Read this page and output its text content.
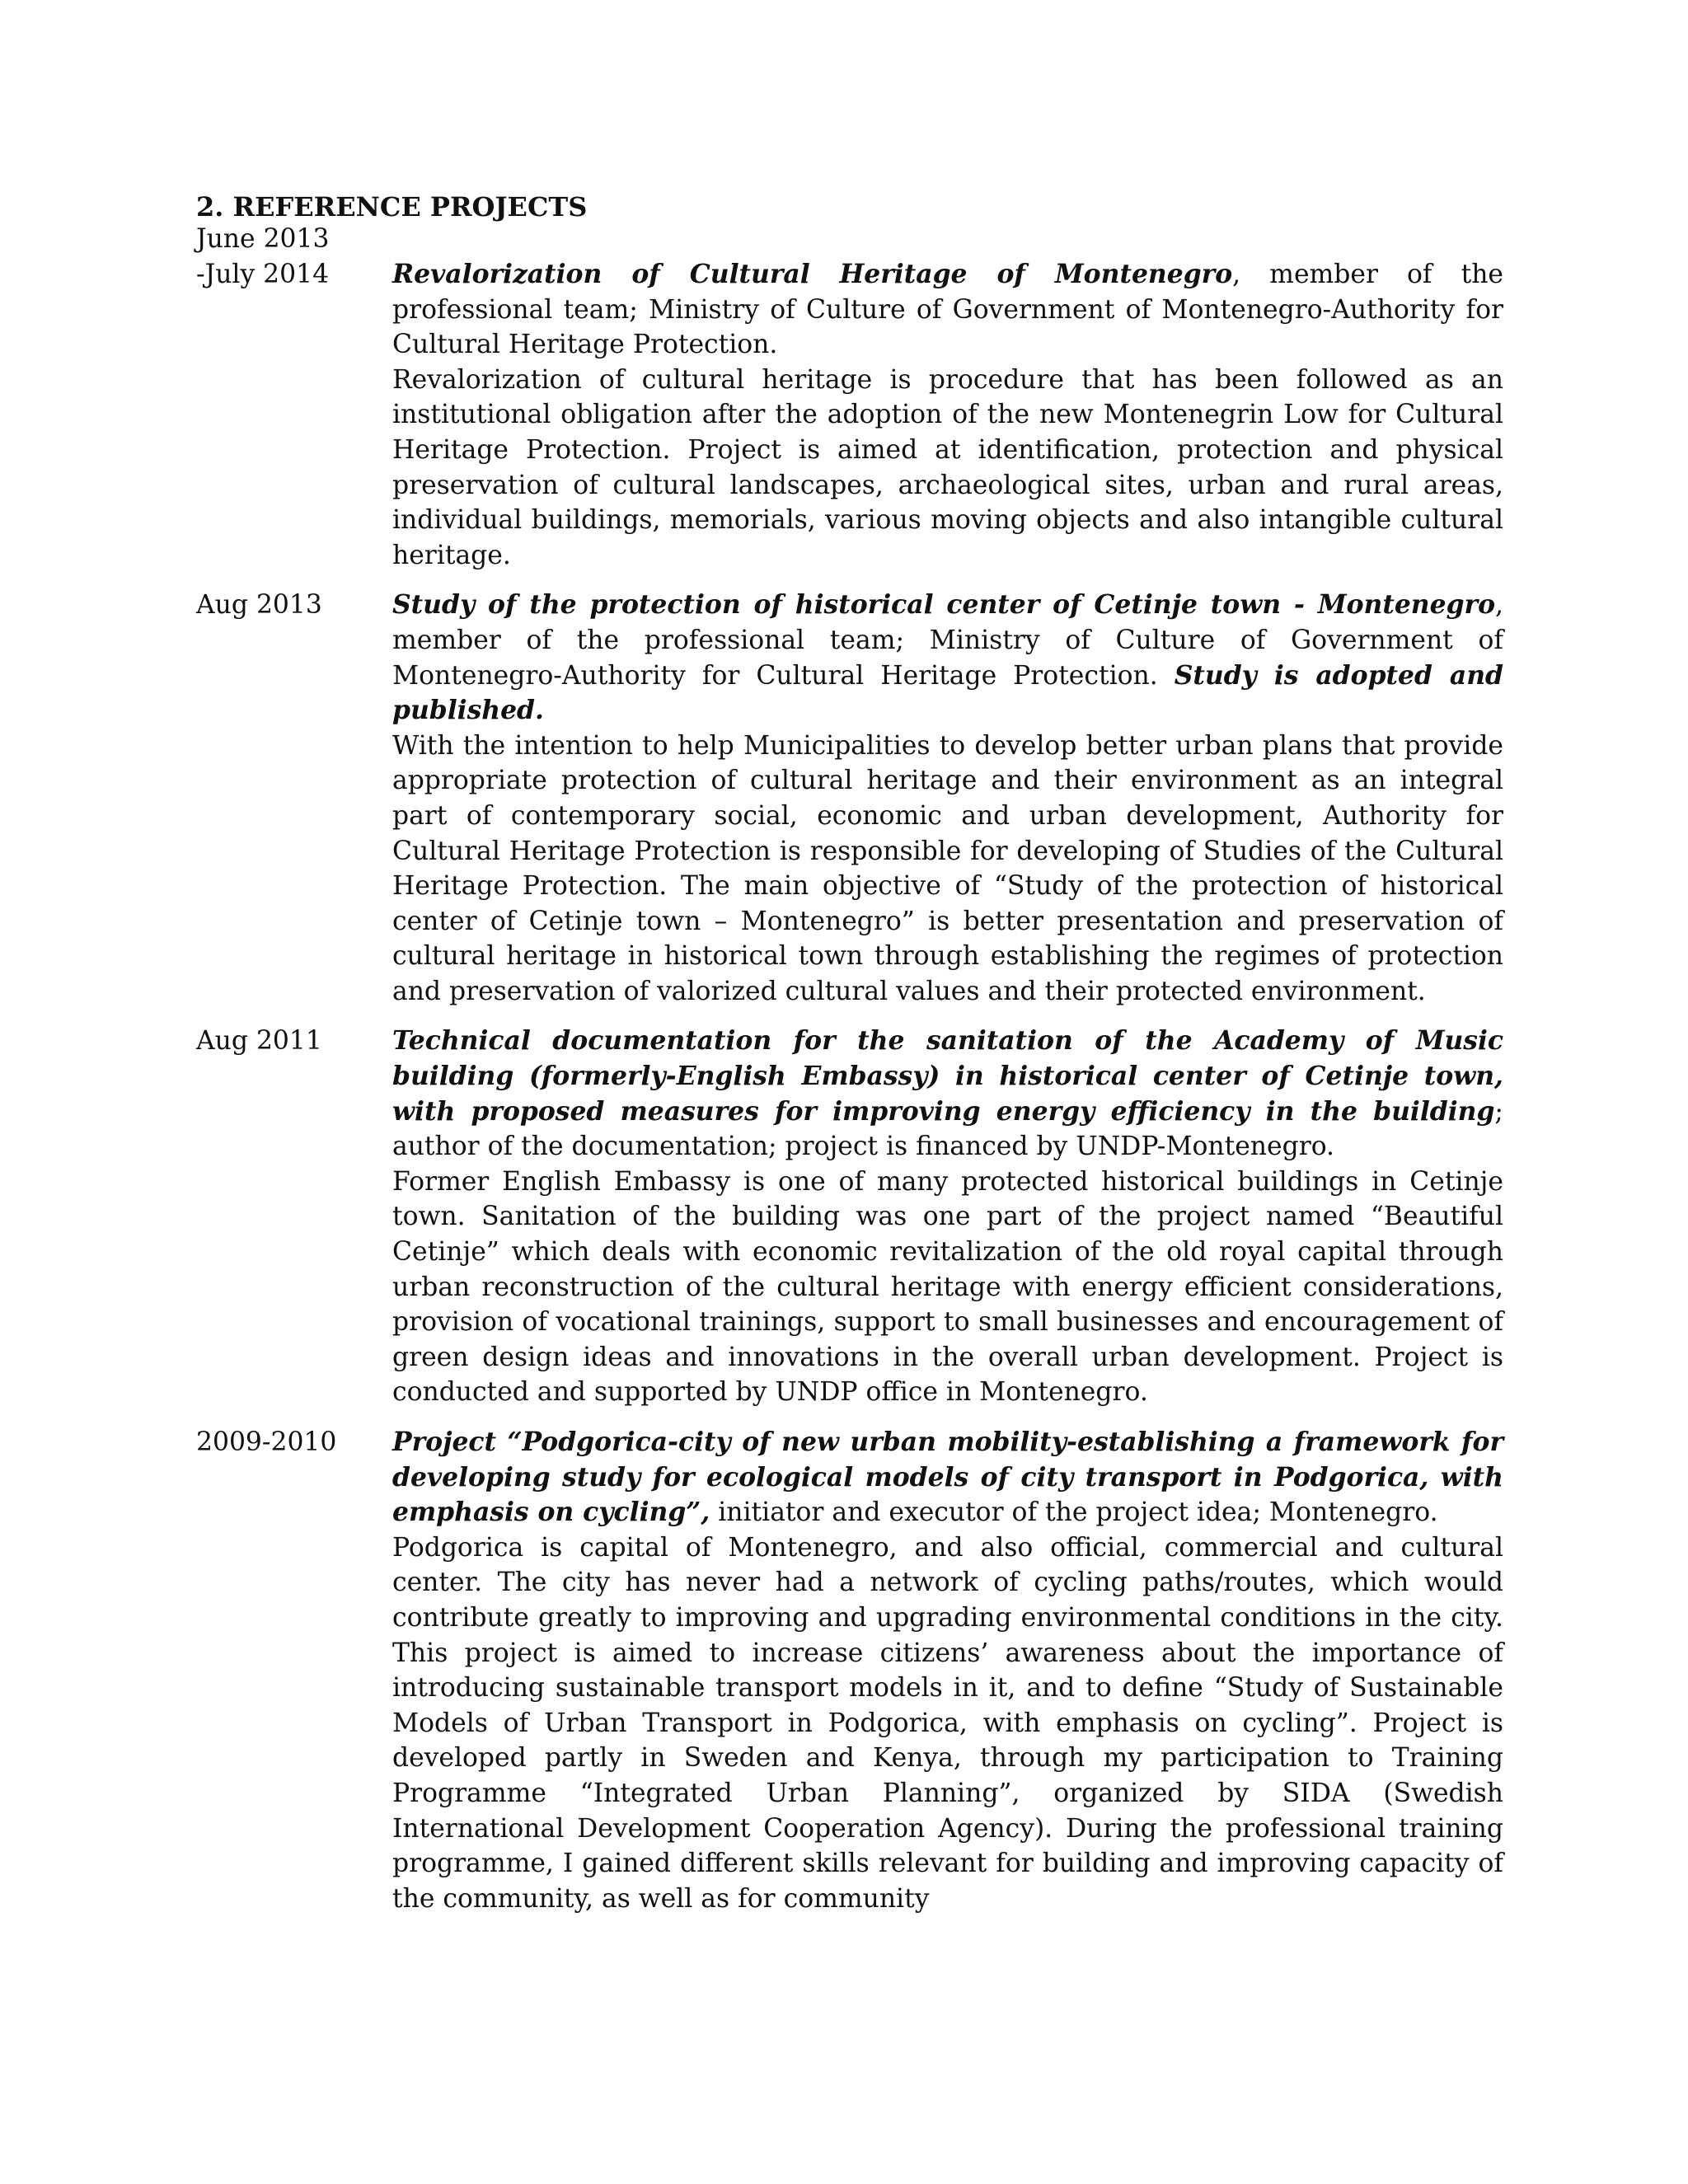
2. REFERENCE PROJECTS
June 2013
-July 2014	Revalorization of Cultural Heritage of Montenegro, member of the professional team; Ministry of Culture of Government of Montenegro-Authority for Cultural Heritage Protection.

Revalorization of cultural heritage is procedure that has been followed as an institutional obligation after the adoption of the new Montenegrin Low for Cultural Heritage Protection. Project is aimed at identification, protection and physical preservation of cultural landscapes, archaeological sites, urban and rural areas, individual buildings, memorials, various moving objects and also intangible cultural heritage.

Aug 2013	Study of the protection of historical center of Cetinje town - Montenegro, member of the professional team; Ministry of Culture of Government of Montenegro-Authority for Cultural Heritage Protection. Study is adopted and published.

With the intention to help Municipalities to develop better urban plans that provide appropriate protection of cultural heritage and their environment as an integral part of contemporary social, economic and urban development, Authority for Cultural Heritage Protection is responsible for developing of Studies of the Cultural Heritage Protection. The main objective of “Study of the protection of historical center of Cetinje town – Montenegro” is better presentation and preservation of cultural heritage in historical town through establishing the regimes of protection and preservation of valorized cultural values and their protected environment.

Aug 2011	Technical documentation for the sanitation of the Academy of Music building (formerly-English Embassy) in historical center of Cetinje town, with proposed measures for improving energy efficiency in the building; author of the documentation; project is financed by UNDP-Montenegro.

Former English Embassy is one of many protected historical buildings in Cetinje town. Sanitation of the building was one part of the project named “Beautiful Cetinje” which deals with economic revitalization of the old royal capital through urban reconstruction of the cultural heritage with energy efficient considerations, provision of vocational trainings, support to small businesses and encouragement of green design ideas and innovations in the overall urban development. Project is conducted and supported by UNDP office in Montenegro.

2009-2010	Project “Podgorica-city of new urban mobility-establishing a framework for developing study for ecological models of city transport in Podgorica, with emphasis on cycling”, initiator and executor of the project idea; Montenegro.

Podgorica is capital of Montenegro, and also official, commercial and cultural center. The city has never had a network of cycling paths/routes, which would contribute greatly to improving and upgrading environmental conditions in the city. This project is aimed to increase citizens’ awareness about the importance of introducing sustainable transport models in it, and to define “Study of Sustainable Models of Urban Transport in Podgorica, with emphasis on cycling”. Project is developed partly in Sweden and Kenya, through my participation to Training Programme “Integrated Urban Planning”, organized by SIDA (Swedish International Development Cooperation Agency). During the professional training programme, I gained different skills relevant for building and improving capacity of the community, as well as for community
